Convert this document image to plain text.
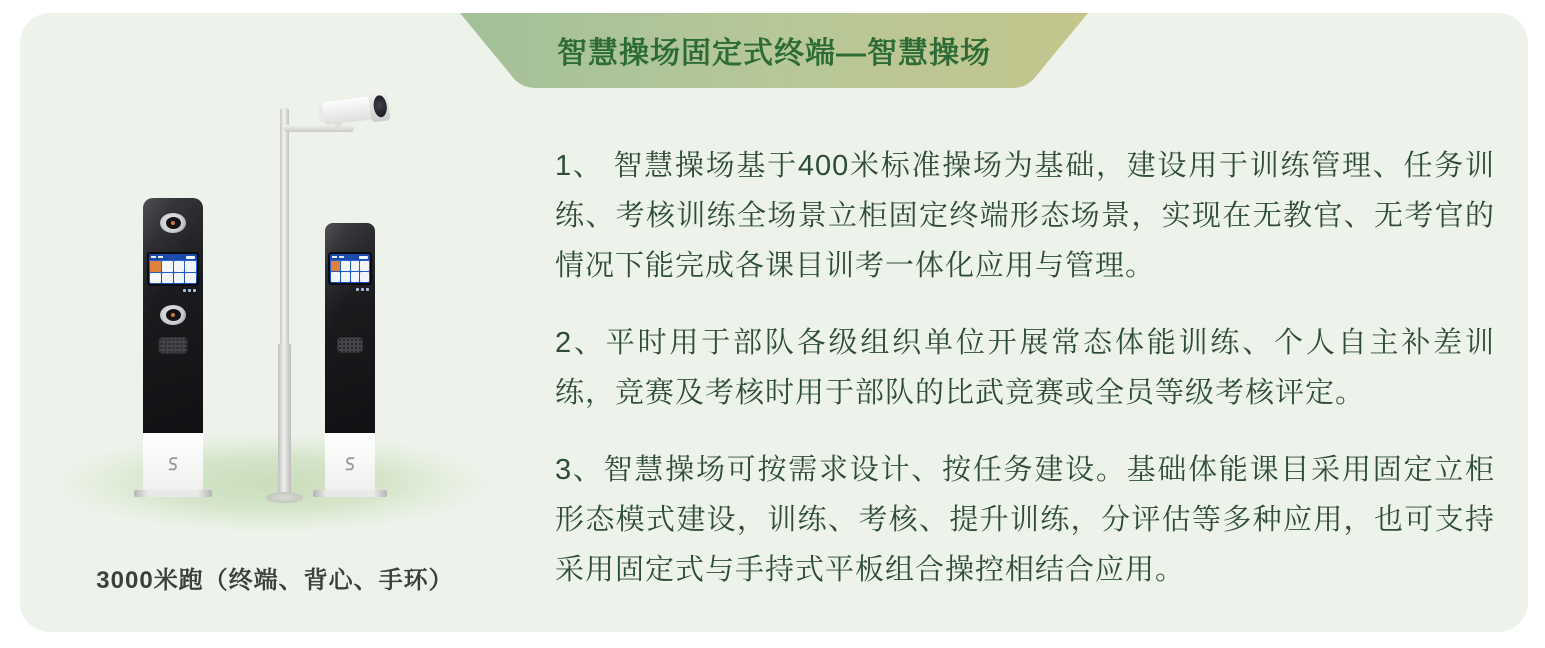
智慧操场固定式终端—智慧操场
3000米跑（终端、背心、手环）

1、 智慧操场基于400米标准操场为基础，建设用于训练管理、任务训练、考核训练全场景立柜固定终端形态场景，实现在无教官、无考官的情况下能完成各课目训考一体化应用与管理。

2、平时用于部队各级组织单位开展常态体能训练、个人自主补差训练，竞赛及考核时用于部队的比武竞赛或全员等级考核评定。

3、智慧操场可按需求设计、按任务建设。基础体能课目采用固定立柜形态模式建设，训练、考核、提升训练，分评估等多种应用，也可支持采用固定式与手持式平板组合操控相结合应用。
